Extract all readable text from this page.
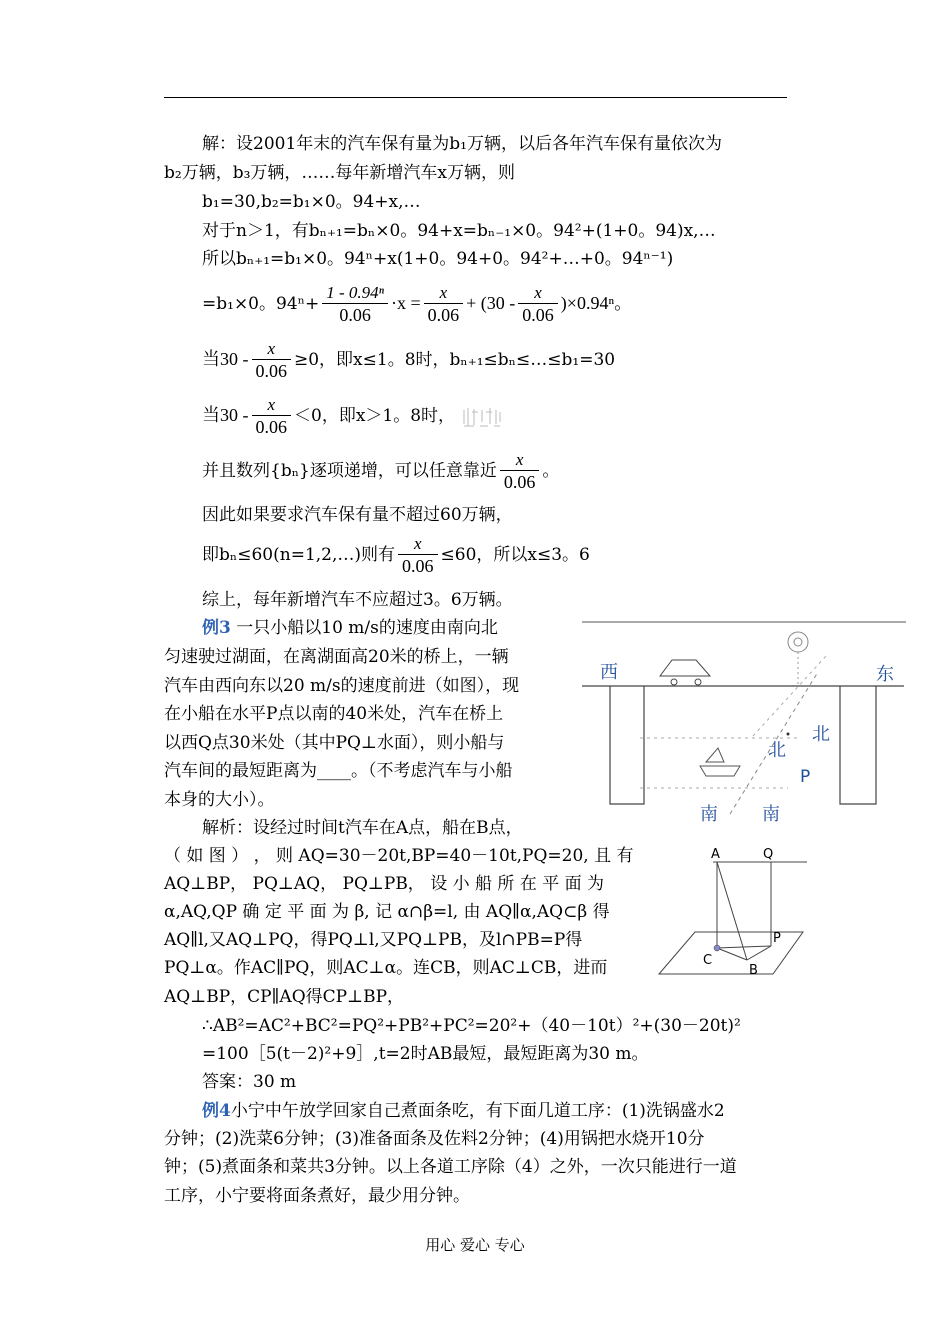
解：设2001年末的汽车保有量为b₁万辆，以后各年汽车保有量依次为
b₂万辆，b₃万辆，……每年新增汽车x万辆，则
b₁=30,b₂=b₁×0。94+x,…
对于n＞1，有bₙ₊₁=bₙ×0。94+x=bₙ₋₁×0。94²+(1+0。94)x,…
所以bₙ₊₁=b₁×0。94ⁿ+x(1+0。94+0。94²+…+0。94ⁿ⁻¹)
=b₁×0。$94^n+ \frac{\text{1 - 0.94ⁿ}}{0.06} \cdot x = \frac{x}{0.06} + (30 - \frac{x}{0.06} )\times 0.94^n$。
当$30 - \frac{x}{0.06} \ge 0$，即x≤1。8时，bₙ₊₁≤bₙ≤…≤b₁=30
当$30 - \frac{x}{0.06} <0$，即x＞1。8时，
并且数列{bₙ}逐项递增，可以任意靠近 $\frac{x}{0.06}$ 。
因此如果要求汽车保有量不超过60万辆，
即bₙ≤60(n=1,2,…)则有 $\frac{x}{0.06} \le 60$，所以x≤3。6
综上，每年新增汽车不应超过3。6万辆。
例3 一只小船以10 m/s的速度由南向北
匀速驶过湖面，在离湖面高20米的桥上，一辆
汽车由西向东以20 m/s的速度前进（如图），现
在小船在水平P点以南的40米处，汽车在桥上
以西Q点30米处（其中PQ⊥水面），则小船与
汽车间的最短距离为____。（不考虑汽车与小船
本身的大小）。
西	东
北
北
P
南 南
解析：设经过时间t汽车在A点，船在B点，
（ 如 图 ） ， 则 AQ=30－20t,BP=40－10t,PQ=20, 且 有
AQ⊥BP， PQ⊥AQ， PQ⊥PB， 设 小 船 所 在 平 面 为
α,AQ,QP 确 定 平 面 为 β, 记 α∩β=l, 由 AQ∥α,AQ⊂β 得
AQ∥l,又AQ⊥PQ，得PQ⊥l,又PQ⊥PB，及l∩PB=P得
PQ⊥α。作AC∥PQ，则AC⊥α。连CB，则AC⊥CB，进而
AQ⊥BP，CP∥AQ得CP⊥BP，
∴AB²=AC²+BC²=PQ²+PB²+PC²=20²+（40－10t）²+(30－20t)²
=100［5(t－2)²+9］,t=2时AB最短，最短距离为30 m。
答案：30 m
A	Q
P
C
B
例4小宁中午放学回家自己煮面条吃，有下面几道工序：(1)洗锅盛水2
分钟；(2)洗菜6分钟；(3)准备面条及佐料2分钟；(4)用锅把水烧开10分
钟；(5)煮面条和菜共3分钟。以上各道工序除（4）之外，一次只能进行一道
工序，小宁要将面条煮好，最少用分钟。
用心 爱心 专心
